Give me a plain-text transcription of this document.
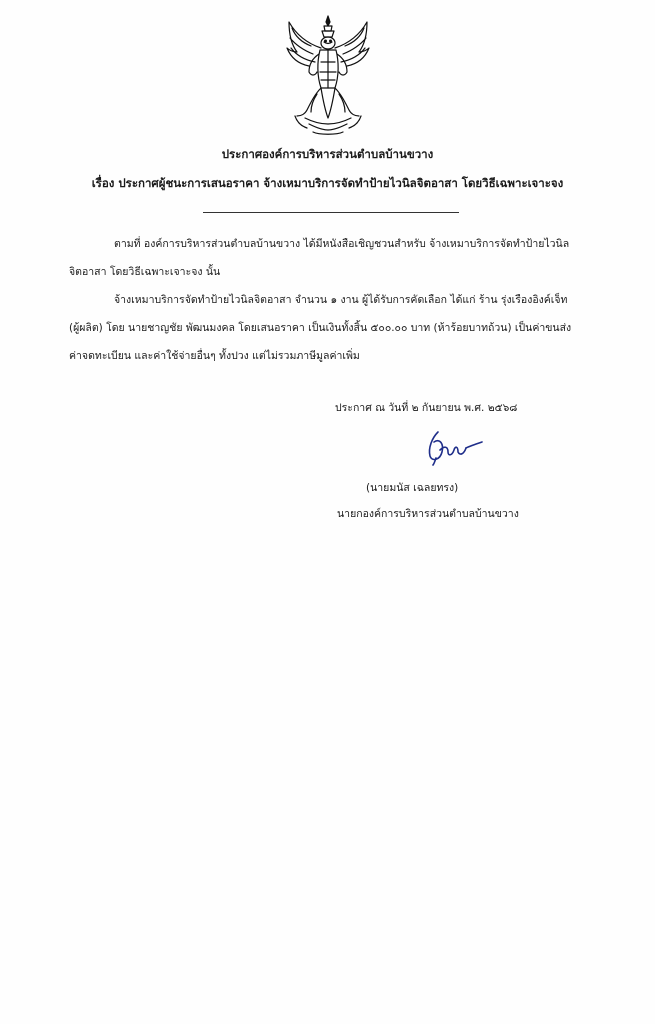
ประกาศองค์การบริหารส่วนตำบลบ้านขวาง
เรื่อง ประกาศผู้ชนะการเสนอราคา จ้างเหมาบริการจัดทำป้ายไวนิลจิตอาสา โดยวิธีเฉพาะเจาะจง
ตามที่ องค์การบริหารส่วนตำบลบ้านขวาง ได้มีหนังสือเชิญชวนสำหรับ จ้างเหมาบริการจัดทำป้ายไวนิล
จิตอาสา โดยวิธีเฉพาะเจาะจง นั้น
จ้างเหมาบริการจัดทำป้ายไวนิลจิตอาสา จำนวน ๑ งาน ผู้ได้รับการคัดเลือก ได้แก่ ร้าน รุ่งเรืองอิงค์เจ็ท
(ผู้ผลิต) โดย นายชาญชัย พัฒนมงคล โดยเสนอราคา เป็นเงินทั้งสิ้น ๕๐๐.๐๐ บาท (ห้าร้อยบาทถ้วน) เป็นค่าขนส่ง
ค่าจดทะเบียน และค่าใช้จ่ายอื่นๆ ทั้งปวง แต่ไม่รวมภาษีมูลค่าเพิ่ม
ประกาศ ณ วันที่ ๒ กันยายน พ.ศ. ๒๕๖๘
(นายมนัส เฉลยทรง)
นายกองค์การบริหารส่วนตำบลบ้านขวาง
